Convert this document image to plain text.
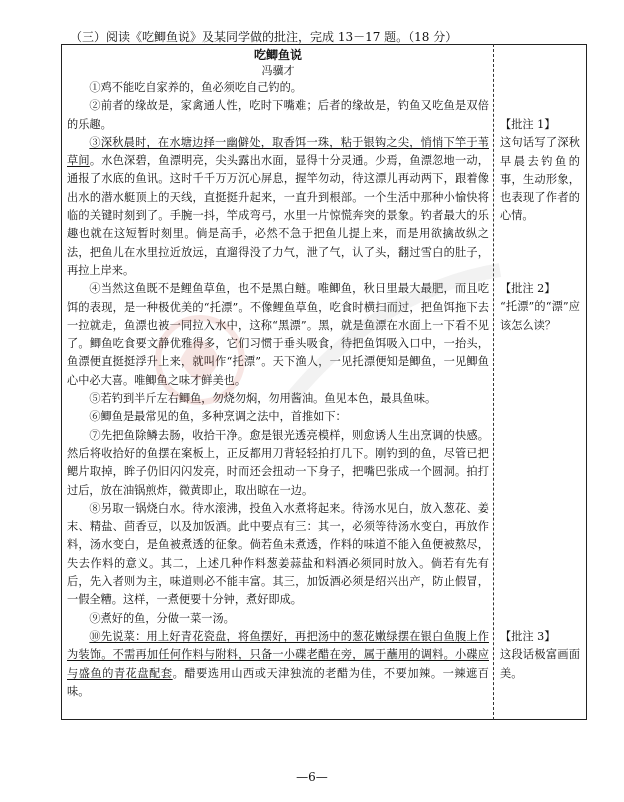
（三）阅读《吃鲫鱼说》及某同学做的批注，完成 13－17 题。（18 分）
吃鲫鱼说
冯骥才

①鸡不能吃自家养的，鱼必须吃自己钓的。

②前者的缘故是，家禽通人性，吃时下嘴难；后者的缘故是，钓鱼又吃鱼是双倍的乐趣。

③深秋晨时，在水塘边择一幽僻处，取香饵一珠，粘于银钩之尖，悄悄下竿于苇草间。水色深碧，鱼漂明亮，尖头露出水面，显得十分灵通。少焉，鱼漂忽地一动，通报了水底的鱼讯。这时千千万万沉心屏息，握竿勿动，待这漂儿再动两下，跟着像出水的潜水艇顶上的天线，直挺挺升起来，一直升到根部。一个生活中那种小愉快将临的关键时刻到了。手腕一抖，竿成弯弓，水里一片惊慌奔突的景象。钓者最大的乐趣也就在这短暂时刻里。倘是高手，必然不急于把鱼儿提上来，而是用欲擒故纵之法，把鱼儿在水里拉近放远，直遛得没了力气，泄了气，认了头，翻过雪白的肚子，再拉上岸来。

④当然这鱼既不是鲤鱼草鱼，也不是黑白鲢。唯鲫鱼，秋日里最大最肥，而且吃饵的表现，是一种极优美的“托漂”。不像鲤鱼草鱼，吃食时横扫而过，把鱼饵拖下去一拉就走，鱼漂也被一同拉入水中，这称“黑漂”。黑，就是鱼漂在水面上一下看不见了。鲫鱼吃食要文静优雅得多，它们习惯于垂头吸食，待把鱼饵吸入口中，一抬头，鱼漂便直挺挺浮升上来，就叫作“托漂”。天下渔人，一见托漂便知是鲫鱼，一见鲫鱼心中必大喜。唯鲫鱼之味才鲜美也。

⑤若钓到半斤左右鲫鱼，勿烧勿焖，勿用酱油。鱼见本色，最具鱼味。

⑥鲫鱼是最常见的鱼，多种烹调之法中，首推如下：

⑦先把鱼除鳞去肠，收拾干净。愈是银光透亮模样，则愈诱人生出烹调的快感。然后将收拾好的鱼摆在案板上，正反都用刀背轻轻拍打几下。刚钓到的鱼，尽管已把鳃片取掉，眸子仍旧闪闪发亮，时而还会扭动一下身子，把嘴巴张成一个圆洞。拍打过后，放在油锅煎炸，微黄即止，取出晾在一边。

⑧另取一锅烧白水。待水滚沸，投鱼入水煮将起来。待汤水见白，放入葱花、姜末、精盐、茴香豆，以及加饭酒。此中要点有三：其一，必须等待汤水变白，再放作料，汤水变白，是鱼被煮透的征象。倘若鱼未煮透，作料的味道不能入鱼便被熬尽，失去作料的意义。其二，上述几种作料葱姜蒜盐和料酒必须同时放入。倘若有先有后，先入者则为主，味道则必不能丰富。其三，加饭酒必须是绍兴出产，防止假冒，一假全糟。这样，一煮便要十分钟，煮好即成。

⑨煮好的鱼，分做一菜一汤。

⑩先说菜：用上好青花瓷盘，将鱼摆好，再把汤中的葱花嫩绿摆在银白鱼腹上作为装饰。不需再加任何作料与附料，只备一小碟老醋在旁，属于蘸用的调料。小碟应与盛鱼的青花盘配套。醋要选用山西或天津独流的老醋为佳，不要加辣。一辣遮百味。

【批注 1】
这句话写了深秋早晨去钓鱼的事，生动形象，也表现了作者的心情。
【批注 2】
“托漂”的“漂”应该怎么读？
【批注 3】
这段话极富画面美。
—6—
